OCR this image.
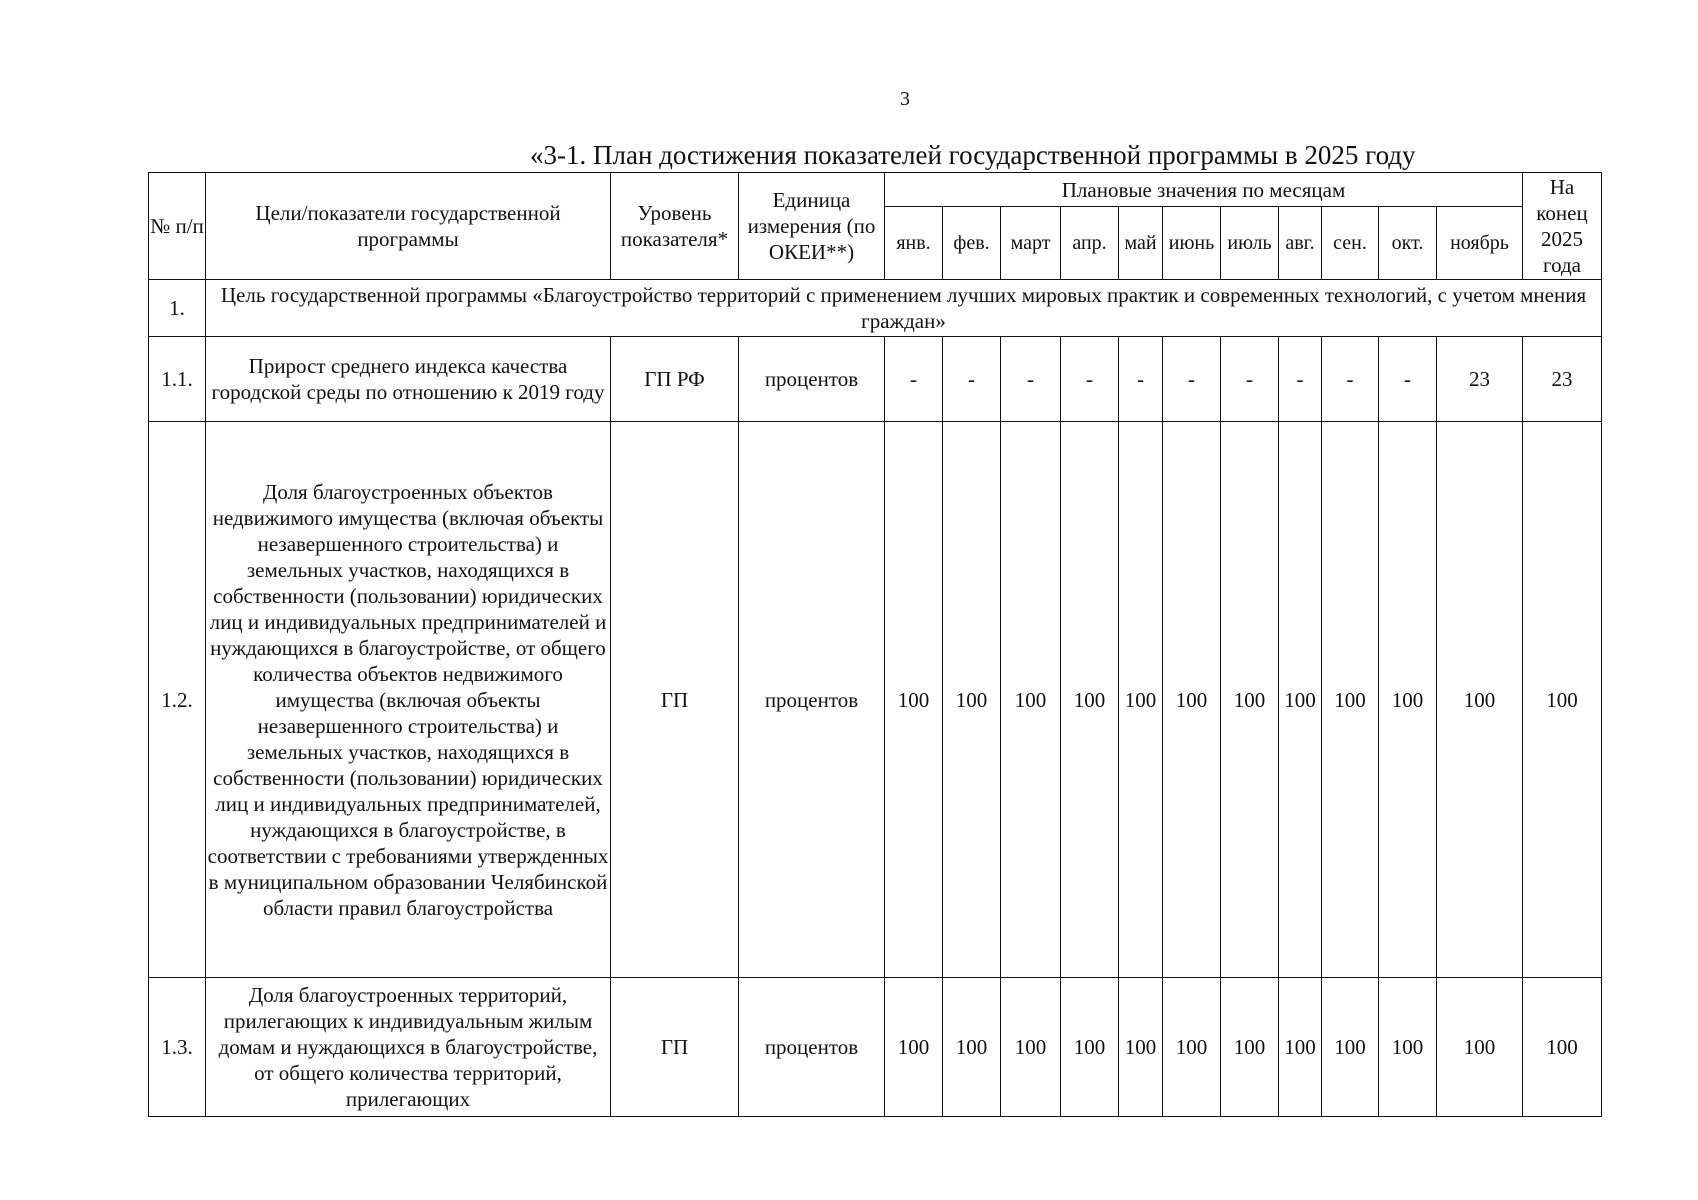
3
«3-1. План достижения показателей государственной программы в 2025 году
№ п/п	Цели/показатели государственной программы	Уровень показателя*	Единица измерения (по ОКЕИ**)	Плановые значения по месяцам											На конец 2025 года
				янв.	фев.	март	апр.	май	июнь	июль	авг.	сен.	окт.	ноябрь	
1.	Цель государственной программы «Благоустройство территорий с применением лучших мировых практик и современных технологий, с учетом мнения граждан»														
1.1.	Прирост среднего индекса качества городской среды по отношению к 2019 году	ГП РФ	процентов	-	-	-	-	-	-	-	-	-	-	23	23
1.2.	Доля благоустроенных объектов недвижимого имущества (включая объекты незавершенного строительства) и земельных участков, находящихся в собственности (пользовании) юридических лиц и индивидуальных предпринимателей и нуждающихся в благоустройстве, от общего количества объектов недвижимого имущества (включая объекты незавершенного строительства) и земельных участков, находящихся в собственности (пользовании) юридических лиц и индивидуальных предпринимателей, нуждающихся в благоустройстве, в соответствии с требованиями утвержденных в муниципальном образовании Челябинской области правил благоустройства	ГП	процентов	100	100	100	100	100	100	100	100	100	100	100	100
1.3.	Доля благоустроенных территорий, прилегающих к индивидуальным жилым домам и нуждающихся в благоустройстве, от общего количества территорий, прилегающих	ГП	процентов	100	100	100	100	100	100	100	100	100	100	100	100
